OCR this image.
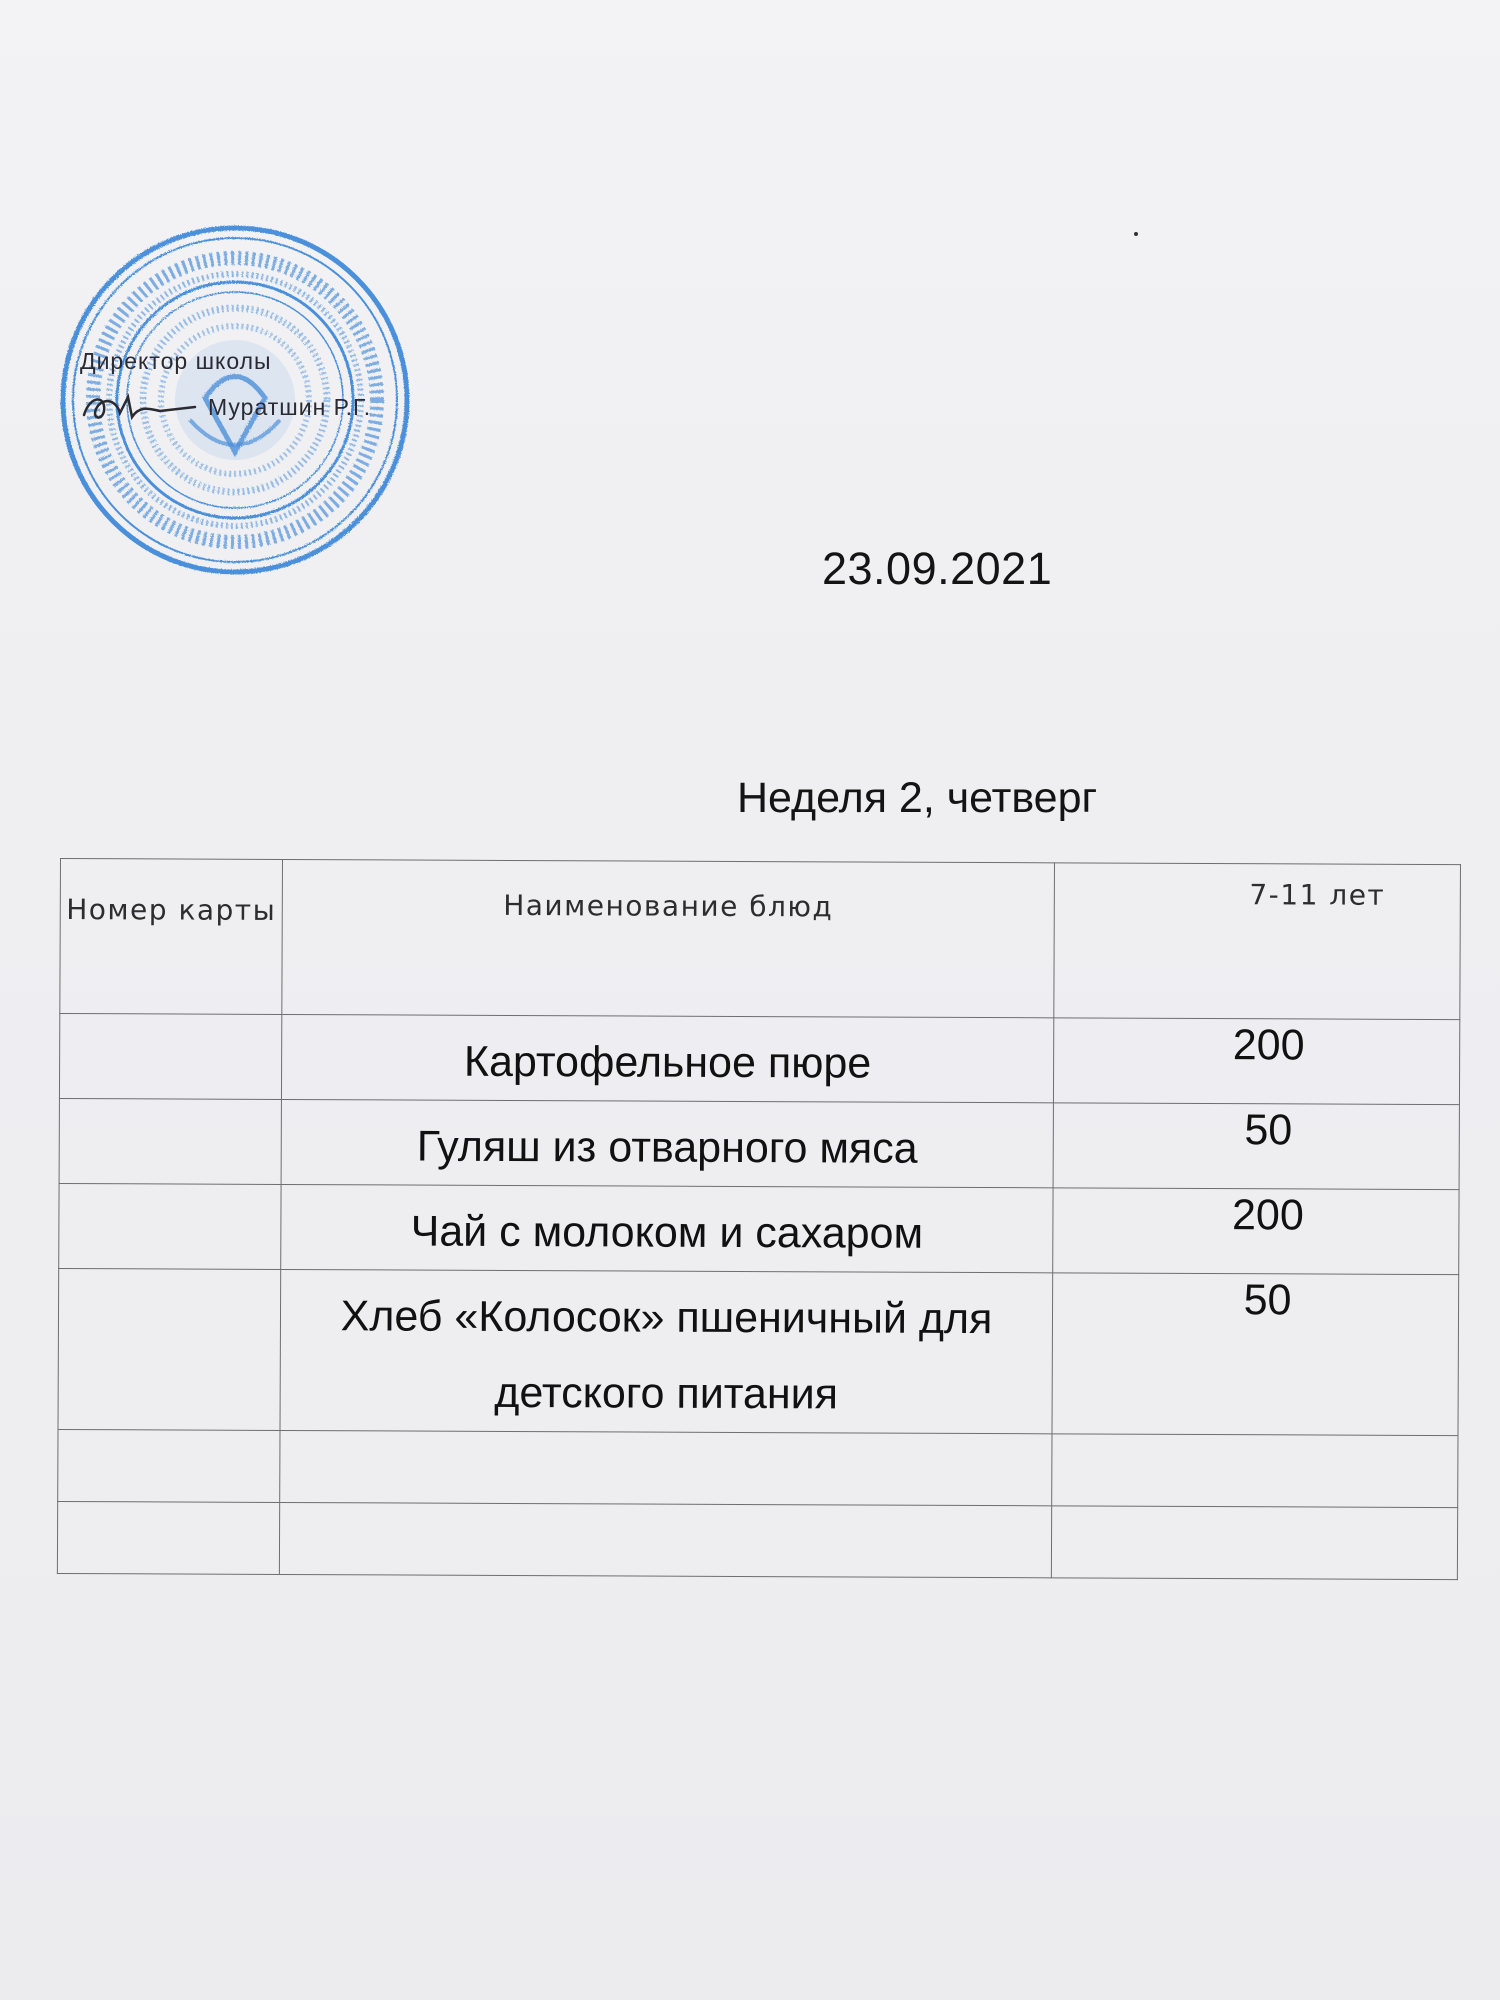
Директор школы
Муратшин Р.Г.
23.09.2021
Неделя 2, четверг
Номер карты	Наименование блюд	7-11 лет
	Картофельное пюре	200
	Гуляш из отварного мяса	50
	Чай с молоком и сахаром	200
	Хлеб «Колосок» пшеничный для детского питания	50
